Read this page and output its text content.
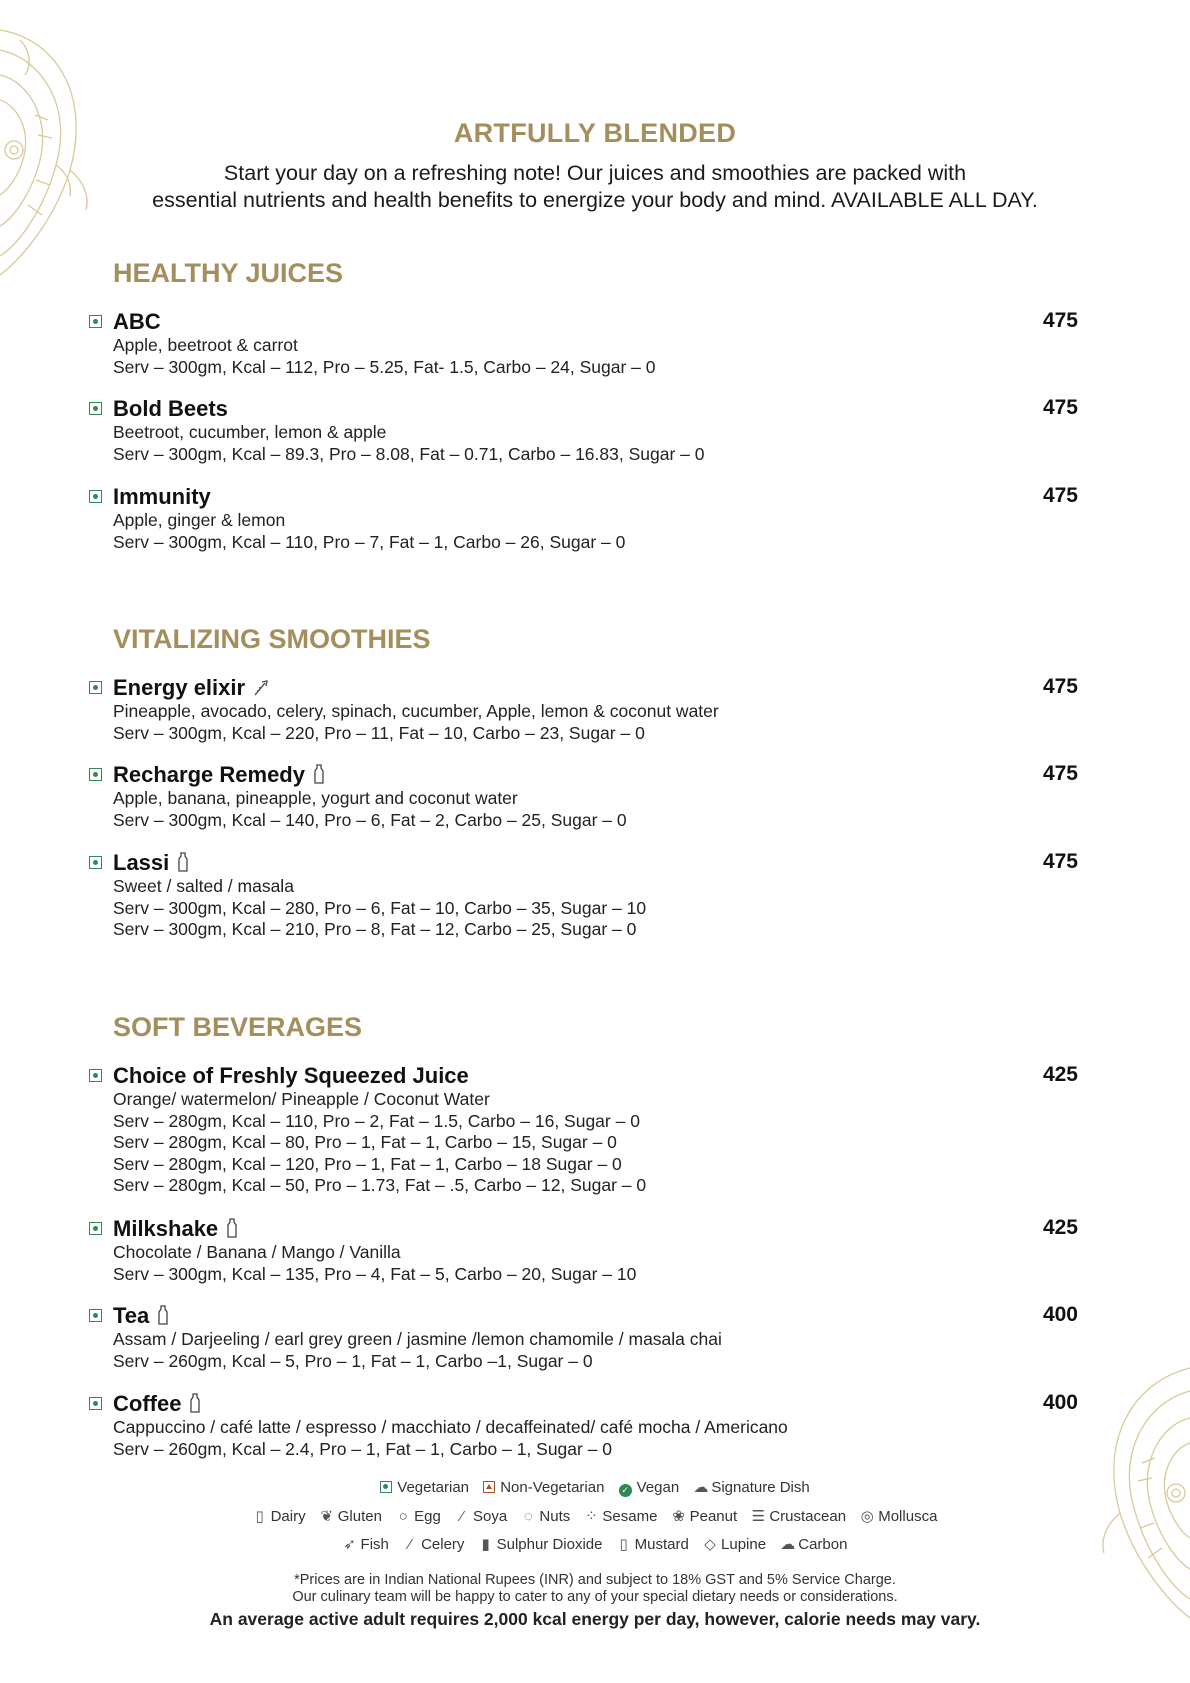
ARTFULLY BLENDED
Start your day on a refreshing note! Our juices and smoothies are packed with
essential nutrients and health benefits to energize your body and mind. AVAILABLE ALL DAY.
HEALTHY JUICES
ABC	475
Apple, beetroot & carrot
Serv – 300gm, Kcal – 112, Pro – 5.25, Fat- 1.5, Carbo – 24, Sugar – 0
Bold Beets	475
Beetroot, cucumber, lemon & apple
Serv – 300gm, Kcal – 89.3, Pro – 8.08, Fat – 0.71, Carbo – 16.83, Sugar – 0
Immunity	475
Apple, ginger & lemon
Serv – 300gm, Kcal – 110, Pro – 7, Fat – 1, Carbo – 26, Sugar – 0
VITALIZING SMOOTHIES
Energy elixir	475
Pineapple, avocado, celery, spinach, cucumber, Apple, lemon & coconut water
Serv – 300gm, Kcal – 220, Pro – 11, Fat – 10, Carbo – 23, Sugar – 0
Recharge Remedy	475
Apple, banana, pineapple, yogurt and coconut water
Serv – 300gm, Kcal – 140, Pro – 6, Fat – 2, Carbo – 25, Sugar – 0
Lassi	475
Sweet / salted / masala
Serv – 300gm, Kcal – 280, Pro – 6, Fat – 10, Carbo – 35, Sugar – 10
Serv – 300gm, Kcal – 210, Pro – 8, Fat – 12, Carbo – 25, Sugar – 0
SOFT BEVERAGES
Choice of Freshly Squeezed Juice	425
Orange/ watermelon/ Pineapple / Coconut Water
Serv – 280gm, Kcal – 110, Pro – 2, Fat – 1.5, Carbo – 16, Sugar – 0
Serv – 280gm, Kcal – 80, Pro – 1, Fat – 1, Carbo – 15, Sugar – 0
Serv – 280gm, Kcal – 120, Pro – 1, Fat – 1, Carbo – 18 Sugar – 0
Serv – 280gm, Kcal – 50, Pro – 1.73, Fat – .5, Carbo – 12, Sugar – 0
Milkshake	425
Chocolate / Banana / Mango / Vanilla
Serv – 300gm, Kcal – 135, Pro – 4, Fat – 5, Carbo – 20, Sugar – 10
Tea	400
Assam / Darjeeling / earl grey green / jasmine /lemon chamomile / masala chai
Serv – 260gm, Kcal – 5, Pro – 1, Fat – 1, Carbo –1, Sugar – 0
Coffee	400
Cappuccino / café latte / espresso / macchiato / decaffeinated/ café mocha / Americano
Serv – 260gm, Kcal – 2.4, Pro – 1, Fat – 1, Carbo – 1, Sugar – 0
Vegetarian Non-Vegetarian ✓ Vegan ☁ Signature Dish
▯ Dairy ❦ Gluten ○ Egg ⁄ Soya ◌ Nuts ⁘ Sesame ❀ Peanut ☰ Crustacean ◎ Mollusca
➶ Fish ⁄ Celery ▮ Sulphur Dioxide ▯ Mustard ◇ Lupine ☁ Carbon
*Prices are in Indian National Rupees (INR) and subject to 18% GST and 5% Service Charge.
Our culinary team will be happy to cater to any of your special dietary needs or considerations.
An average active adult requires 2,000 kcal energy per day, however, calorie needs may vary.
